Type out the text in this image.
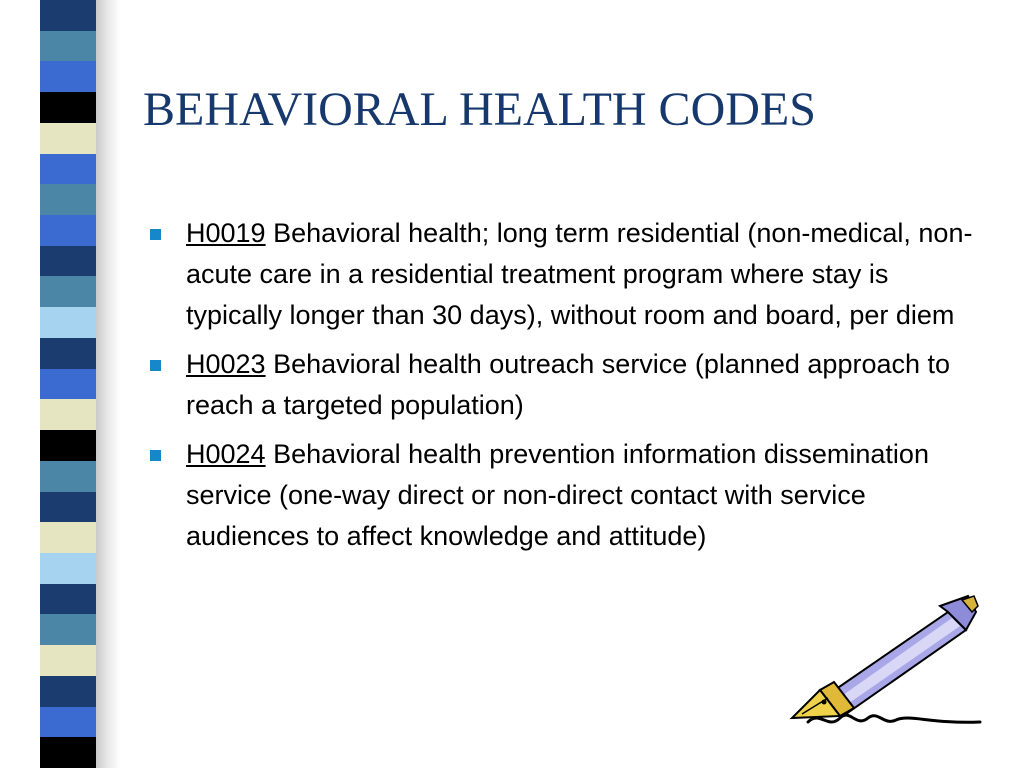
BEHAVIORAL HEALTH CODES
H0019 Behavioral health; long term residential (non-medical, non-acute care in a residential treatment program where stay is typically longer than 30 days), without room and board, per diem
H0023 Behavioral health outreach service (planned approach to reach a targeted population)
H0024 Behavioral health prevention information dissemination service (one-way direct or non-direct contact with service audiences to affect knowledge and attitude)
